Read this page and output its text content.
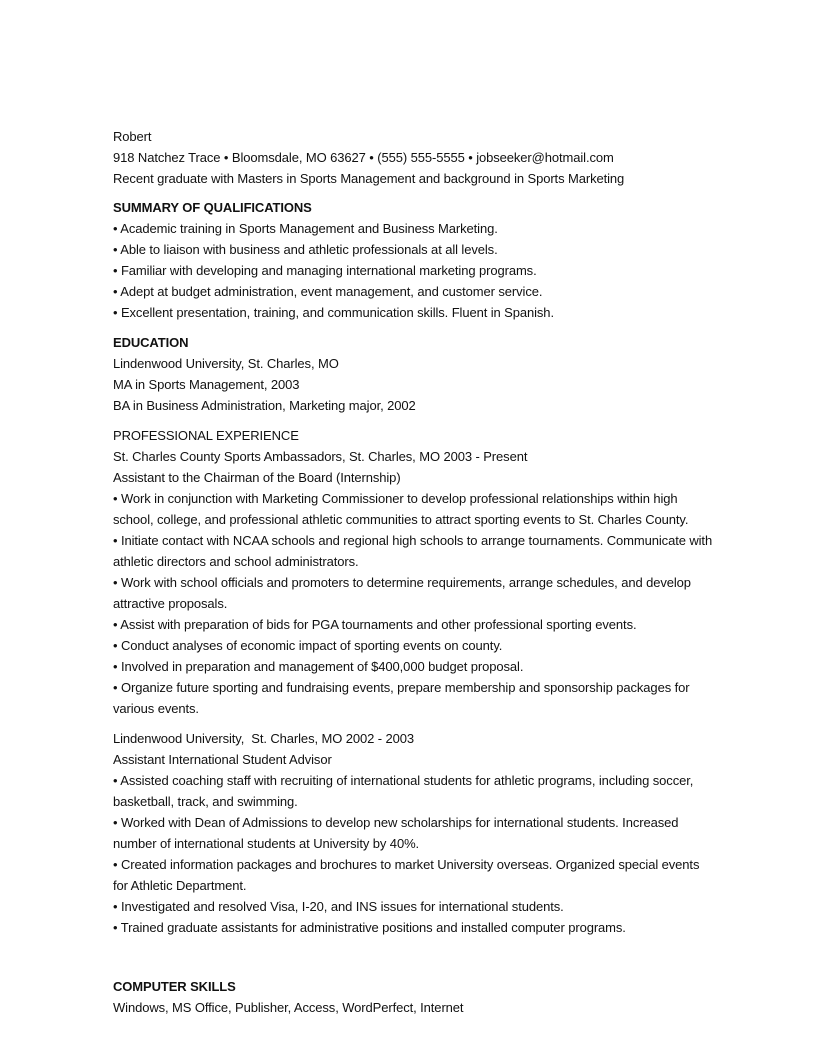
Robert
918 Natchez Trace • Bloomsdale, MO 63627 • (555) 555-5555 • jobseeker@hotmail.com
Recent graduate with Masters in Sports Management and background in Sports Marketing
SUMMARY OF QUALIFICATIONS
• Academic training in Sports Management and Business Marketing.
• Able to liaison with business and athletic professionals at all levels.
• Familiar with developing and managing international marketing programs.
• Adept at budget administration, event management, and customer service.
• Excellent presentation, training, and communication skills. Fluent in Spanish.
EDUCATION
Lindenwood University, St. Charles, MO
MA in Sports Management, 2003
BA in Business Administration, Marketing major, 2002
PROFESSIONAL EXPERIENCE
St. Charles County Sports Ambassadors, St. Charles, MO 2003 - Present
Assistant to the Chairman of the Board (Internship)
• Work in conjunction with Marketing Commissioner to develop professional relationships within high school, college, and professional athletic communities to attract sporting events to St. Charles County.
• Initiate contact with NCAA schools and regional high schools to arrange tournaments. Communicate with athletic directors and school administrators.
• Work with school officials and promoters to determine requirements, arrange schedules, and develop attractive proposals.
• Assist with preparation of bids for PGA tournaments and other professional sporting events.
• Conduct analyses of economic impact of sporting events on county.
• Involved in preparation and management of $400,000 budget proposal.
• Organize future sporting and fundraising events, prepare membership and sponsorship packages for various events.
Lindenwood University,  St. Charles, MO 2002 - 2003
Assistant International Student Advisor
• Assisted coaching staff with recruiting of international students for athletic programs, including soccer, basketball, track, and swimming.
• Worked with Dean of Admissions to develop new scholarships for international students. Increased number of international students at University by 40%.
• Created information packages and brochures to market University overseas. Organized special events for Athletic Department.
• Investigated and resolved Visa, I-20, and INS issues for international students.
• Trained graduate assistants for administrative positions and installed computer programs.
COMPUTER SKILLS
Windows, MS Office, Publisher, Access, WordPerfect, Internet
